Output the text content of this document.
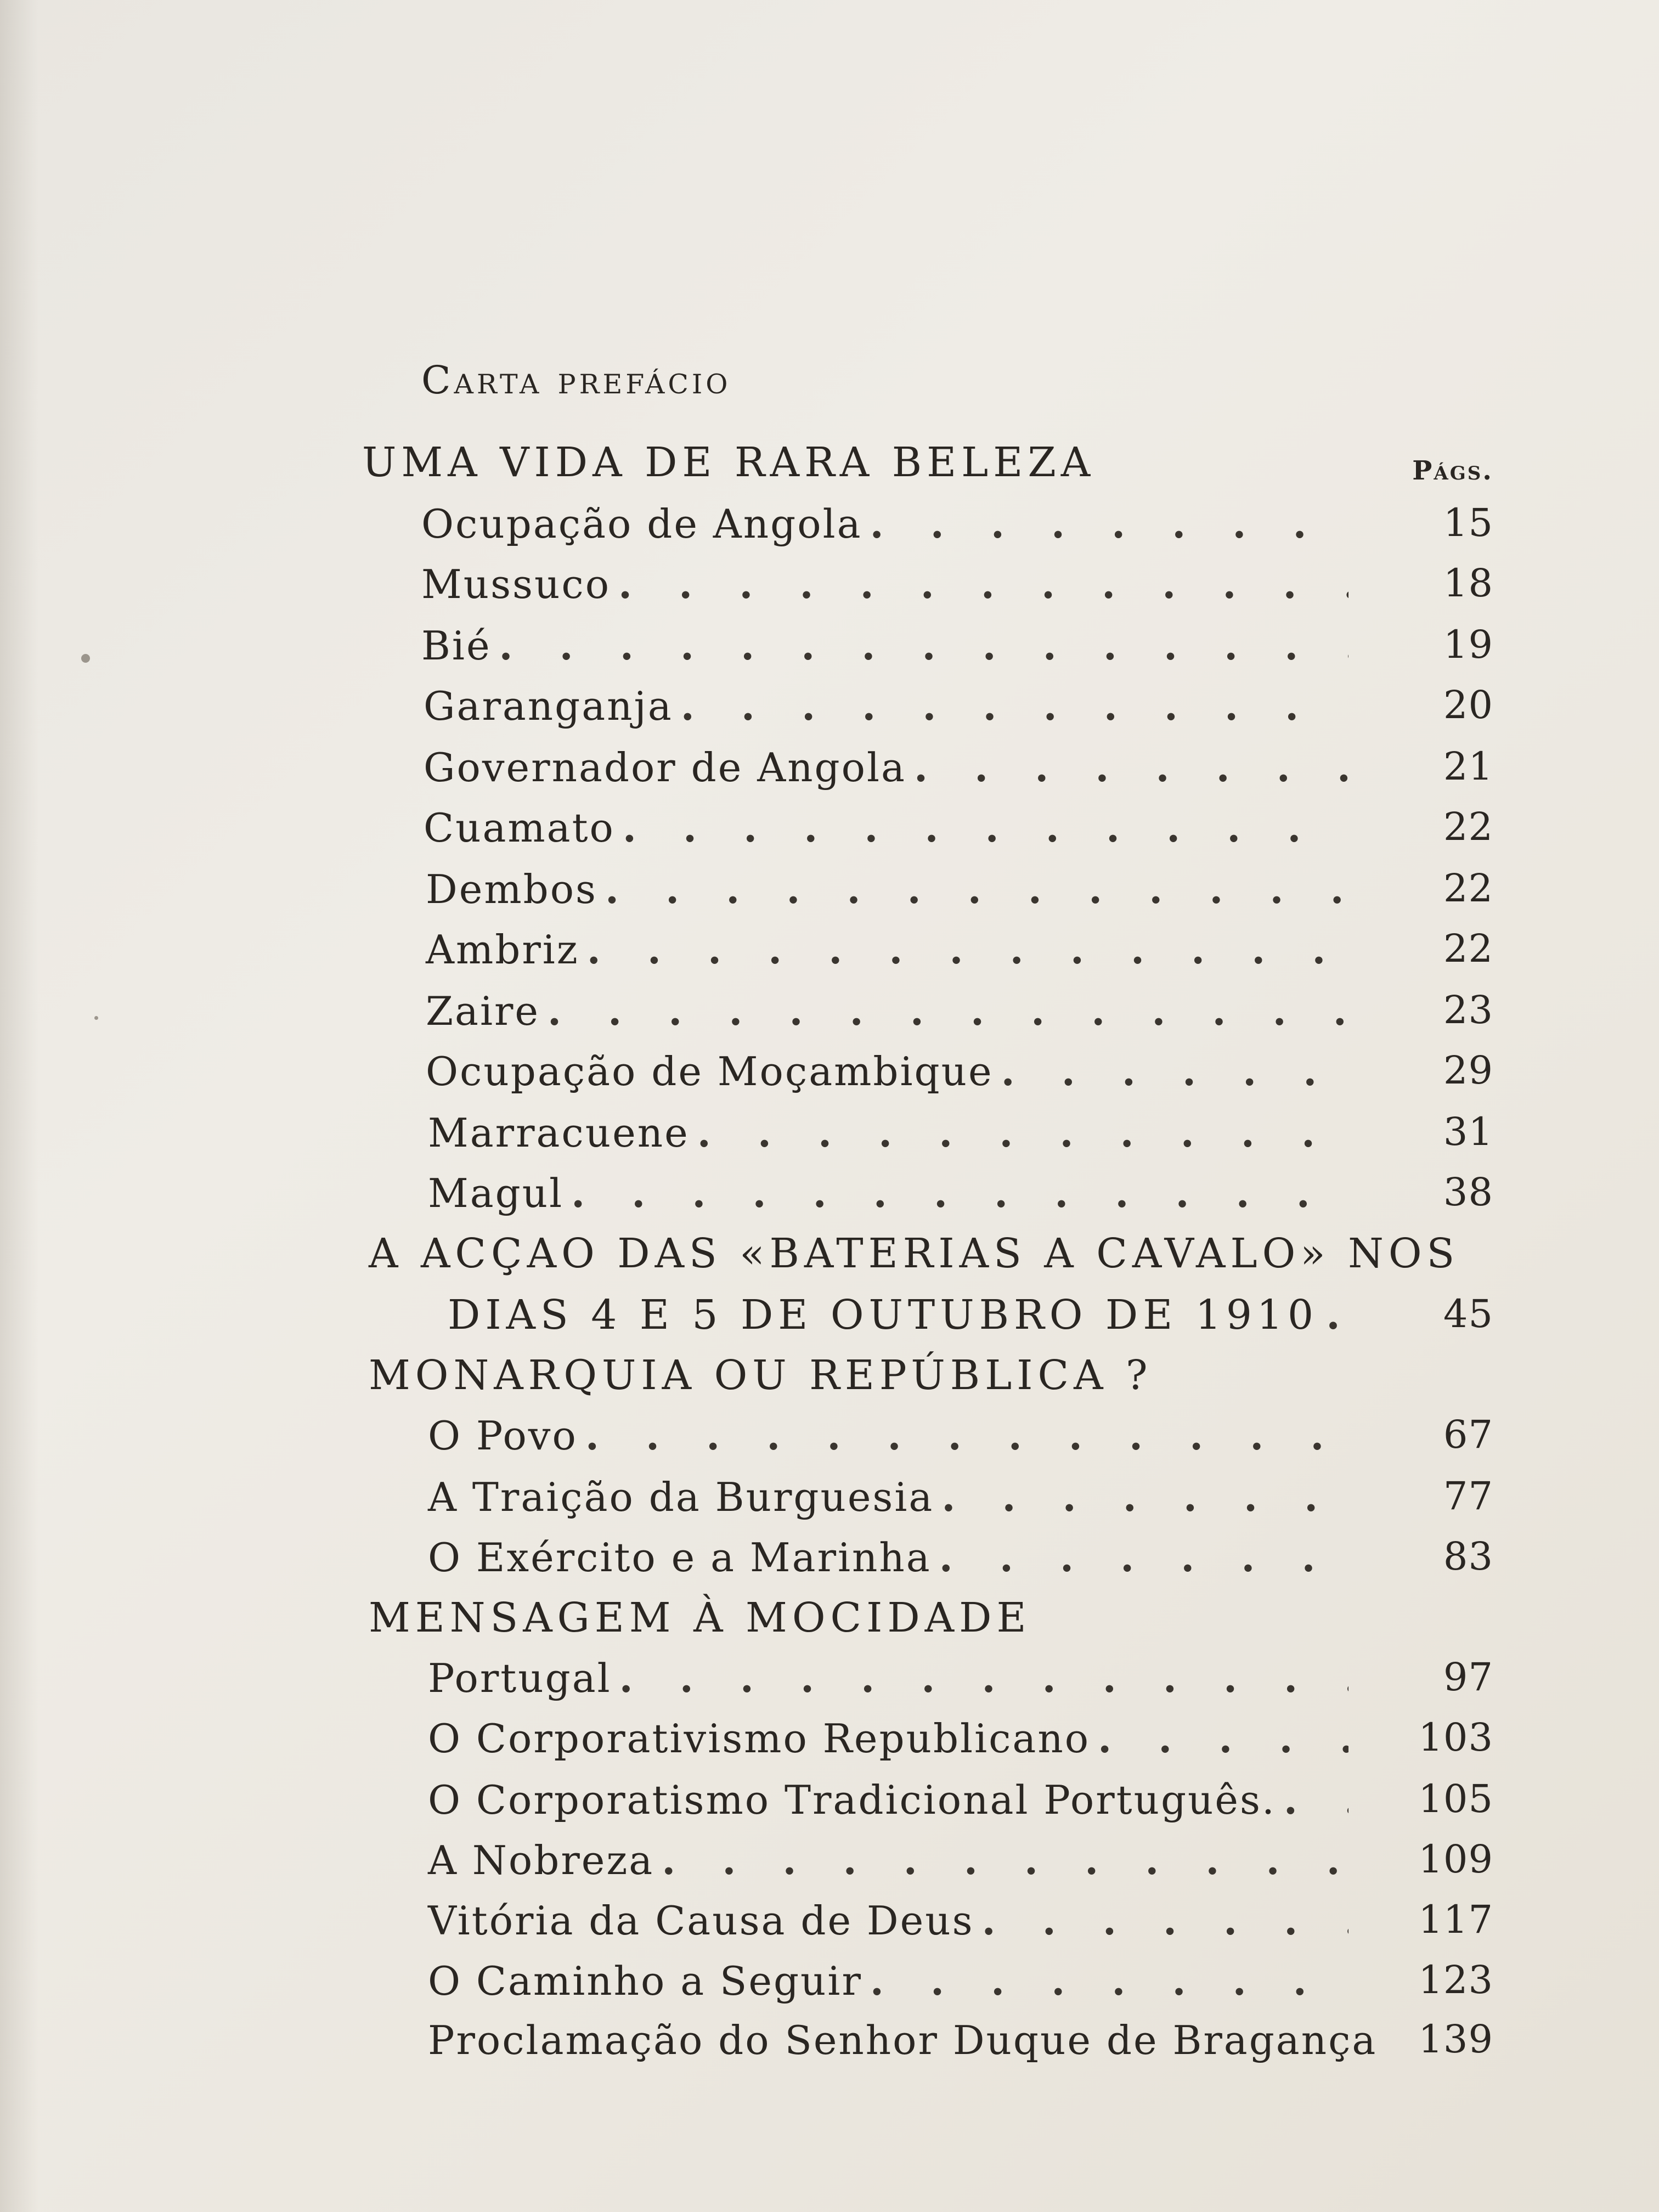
Carta prefácio
UMA VIDA DE RARA BELEZA	Págs.
Ocupação de Angola . . .	15
Mussuco . . .	18
Bié . . .	19
Garanganja . . .	20
Governador de Angola . . .	21
Cuamato . . .	22
Dembos . . .	22
Ambriz . . .	22
Zaire . . .	23
Ocupação de Moçambique . . .	29
Marracuene . . .	31
Magul . . .	38
A ACÇAO DAS «BATERIAS A CAVALO» NOS
DIAS 4 E 5 DE OUTUBRO DE 1910 . . .	45
MONARQUIA OU REPÚBLICA ?
O Povo . . .	67
A Traição da Burguesia . . .	77
O Exército e a Marinha . . .	83
MENSAGEM À MOCIDADE
Portugal . . .	97
O Corporativismo Republicano . . .	103
O Corporatismo Tradicional Português. . . .	105
A Nobreza . . .	109
Vitória da Causa de Deus . . .	117
O Caminho a Seguir . . .	123
Proclamação do Senhor Duque de Bragança . . . 139
